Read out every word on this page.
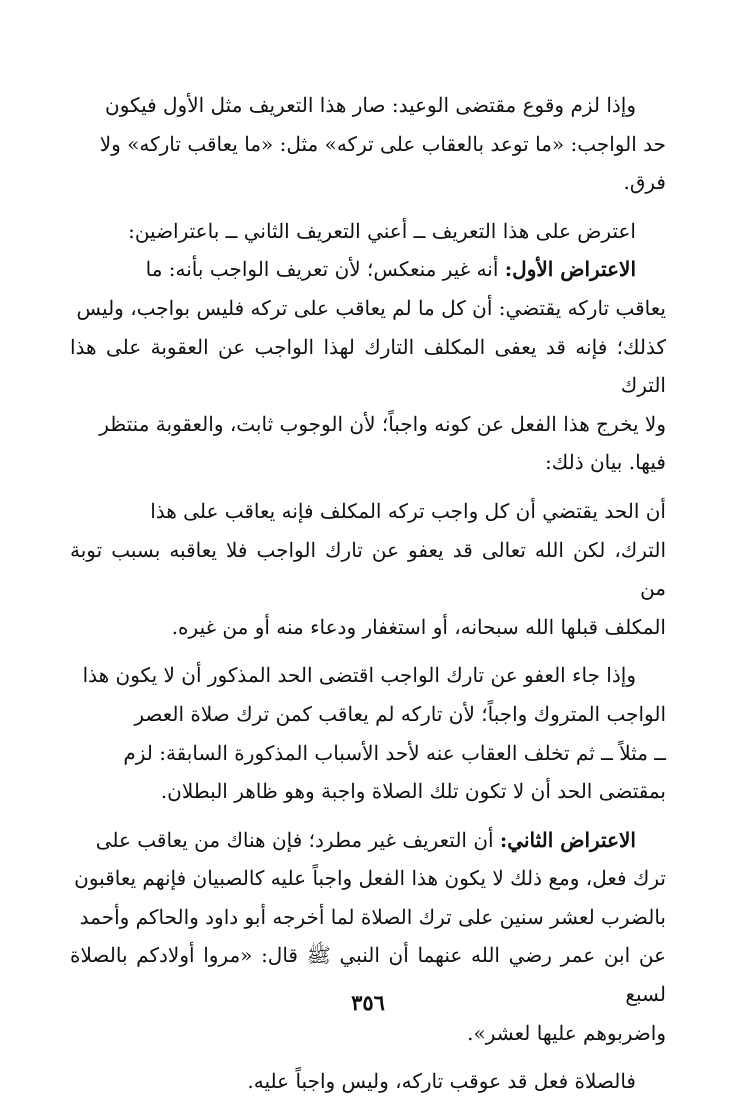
وإذا لزم وقوع مقتضى الوعيد: صار هذا التعريف مثل الأول فيكون
حد الواجب: «ما توعد بالعقاب على تركه» مثل: «ما يعاقب تاركه» ولا
فرق.

اعترض على هذا التعريف ــ أعني التعريف الثاني ــ باعتراضين:

الاعتراض الأول: أنه غير منعكس؛ لأن تعريف الواجب بأنه: ما
يعاقب تاركه يقتضي: أن كل ما لم يعاقب على تركه فليس بواجب، وليس
كذلك؛ فإنه قد يعفى المكلف التارك لهذا الواجب عن العقوبة على هذا الترك
ولا يخرج هذا الفعل عن كونه واجباً؛ لأن الوجوب ثابت، والعقوبة منتظر
فيها. بيان ذلك:

أن الحد يقتضي أن كل واجب تركه المكلف فإنه يعاقب على هذا
الترك، لكن الله تعالى قد يعفو عن تارك الواجب فلا يعاقبه بسبب توبة من
المكلف قبلها الله سبحانه، أو استغفار ودعاء منه أو من غيره.

وإذا جاء العفو عن تارك الواجب اقتضى الحد المذكور أن لا يكون هذا
الواجب المتروك واجباً؛ لأن تاركه لم يعاقب كمن ترك صلاة العصر
ــ مثلاً ــ ثم تخلف العقاب عنه لأحد الأسباب المذكورة السابقة: لزم
بمقتضى الحد أن لا تكون تلك الصلاة واجبة وهو ظاهر البطلان.

الاعتراض الثاني: أن التعريف غير مطرد؛ فإن هناك من يعاقب على
ترك فعل، ومع ذلك لا يكون هذا الفعل واجباً عليه كالصبيان فإنهم يعاقبون
بالضرب لعشر سنين على ترك الصلاة لما أخرجه أبو داود والحاكم وأحمد
عن ابن عمر رضي الله عنهما أن النبي ﷺ قال: «مروا أولادكم بالصلاة لسبع
واضربوهم عليها لعشر».

فالصلاة فعل قد عوقب تاركه، وليس واجباً عليه.

٣٥٦
